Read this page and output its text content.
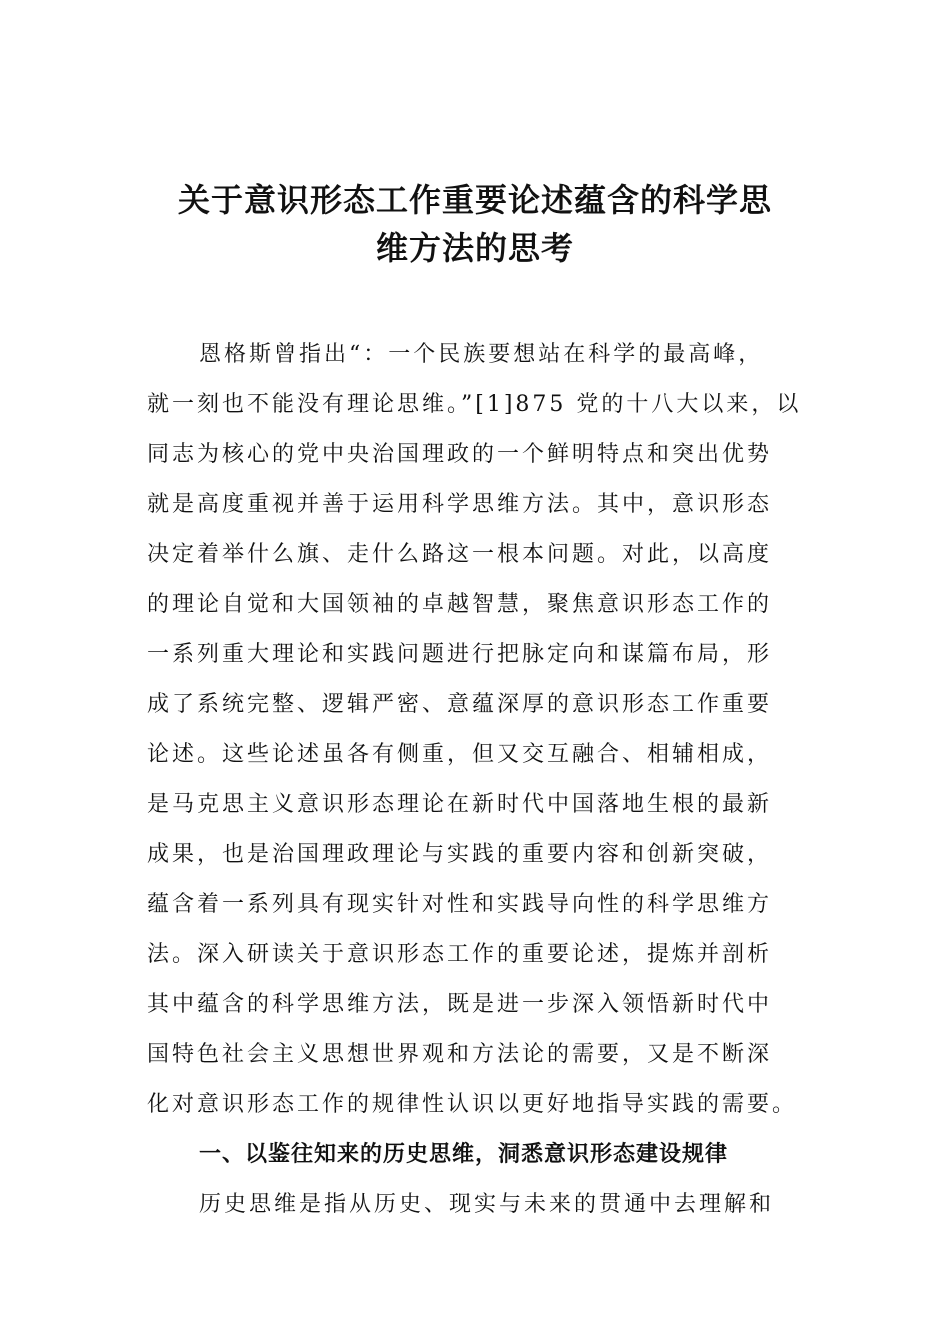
关于意识形态工作重要论述蕴含的科学思
维方法的思考
恩格斯曾指出“：一个民族要想站在科学的最高峰，
就一刻也不能没有理论思维。”[1]875 党的十八大以来，以
同志为核心的党中央治国理政的一个鲜明特点和突出优势
就是高度重视并善于运用科学思维方法。其中，意识形态
决定着举什么旗、走什么路这一根本问题。对此，以高度
的理论自觉和大国领袖的卓越智慧，聚焦意识形态工作的
一系列重大理论和实践问题进行把脉定向和谋篇布局，形
成了系统完整、逻辑严密、意蕴深厚的意识形态工作重要
论述。这些论述虽各有侧重，但又交互融合、相辅相成，
是马克思主义意识形态理论在新时代中国落地生根的最新
成果，也是治国理政理论与实践的重要内容和创新突破，
蕴含着一系列具有现实针对性和实践导向性的科学思维方
法。深入研读关于意识形态工作的重要论述，提炼并剖析
其中蕴含的科学思维方法，既是进一步深入领悟新时代中
国特色社会主义思想世界观和方法论的需要，又是不断深
化对意识形态工作的规律性认识以更好地指导实践的需要。
一、以鉴往知来的历史思维，洞悉意识形态建设规律
历史思维是指从历史、现实与未来的贯通中去理解和
